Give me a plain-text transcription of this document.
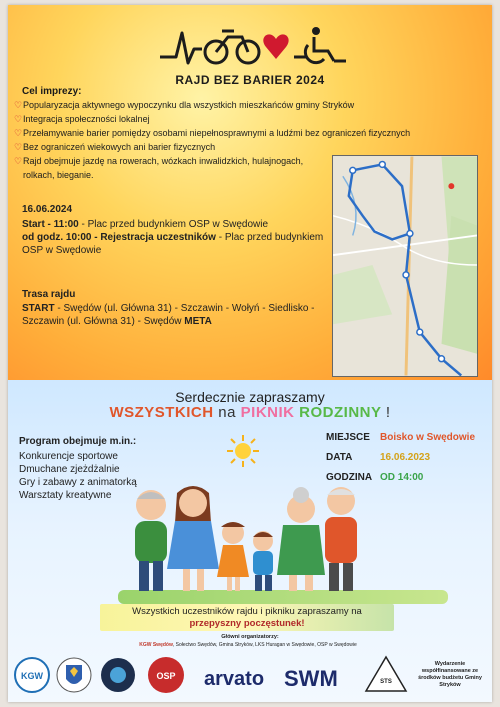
RAJD BEZ BARIER 2024
Cel imprezy:
♡ Popularyzacja aktywnego wypoczynku dla wszystkich mieszkańców gminy Stryków
♡ Integracja społeczności lokalnej
♡ Przełamywanie barier pomiędzy osobami niepełnosprawnymi a ludźmi bez ograniczeń fizycznych
♡ Bez ograniczeń wiekowych ani barier fizycznych
♡ Rajd obejmuje jazdę na rowerach, wózkach inwalidzkich, hulajnogach, rolkach, bieganie.
16.06.2024
Start - 11:00 - Plac przed budynkiem OSP w Swędowie
od godz. 10:00 - Rejestracja uczestników - Plac przed budynkiem OSP w Swędowie
Trasa rajdu
START - Swędów (ul. Główna 31) - Szczawin - Wołyń - Siedlisko - Szczawin (ul. Główna 31) - Swędów META
Serdecznie zapraszamy
WSZYSTKICH na PIKNIK RODZINNY !
Program obejmuje m.in.:
Konkurencje sportowe
Dmuchane zjeżdżalnie
Gry i zabawy z animatorką
Warsztaty kreatywne
MIEJSCE Boisko w Swędowie
DATA	16.06.2023
GODZINA OD 14:00
Wszystkich uczestników rajdu i pikniku zapraszamy na
przepyszny poczęstunek!
Główni organizatorzy:
KGW Swędów, Sołectwo Swędów, Gmina Stryków, LKS Huragan w Swędowie, OSP w Swędowie
KGW	OSP arvato SWM	STS
Wydarzenie współfinansowane ze środków budżetu Gminy Stryków
